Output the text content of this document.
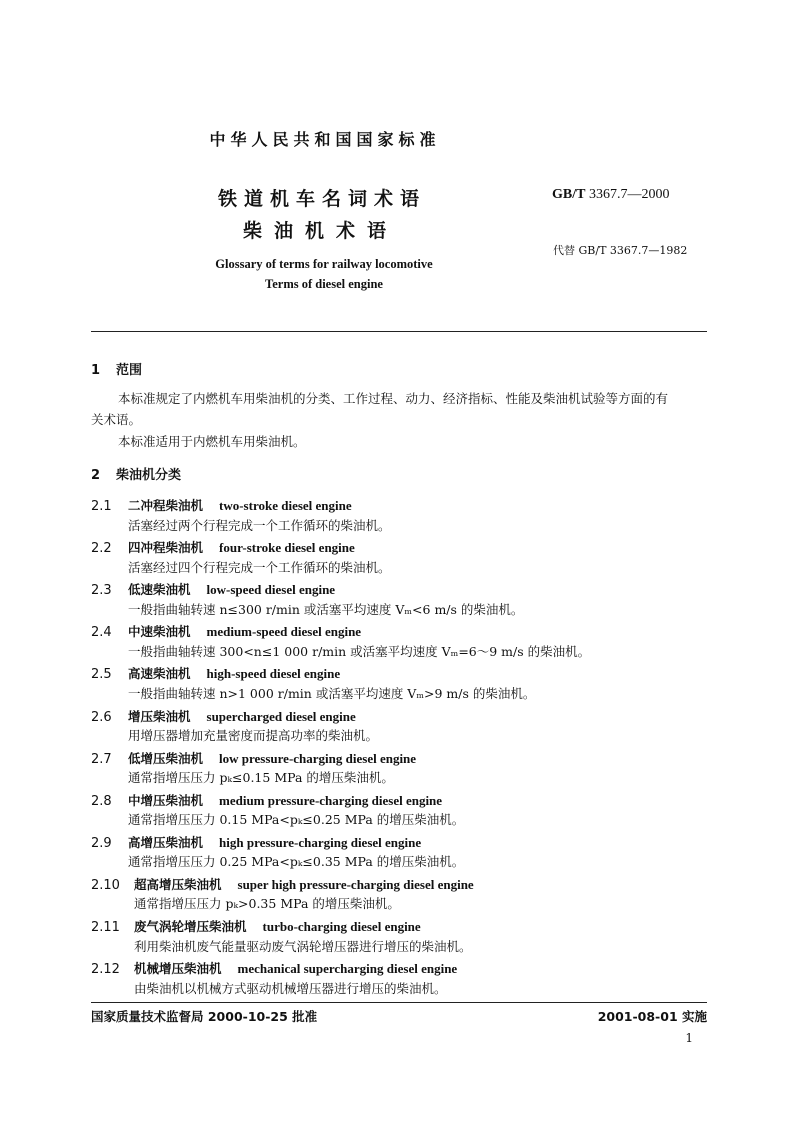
中华人民共和国国家标准
铁道机车名词术语
柴油机术语
GB/T 3367.7—2000
代替 GB/T 3367.7—1982
Glossary of terms for railway locomotive
Terms of diesel engine
1 范围
本标准规定了内燃机车用柴油机的分类、工作过程、动力、经济指标、性能及柴油机试验等方面的有
关术语。
本标准适用于内燃机车用柴油机。
2 柴油机分类
2.1 二冲程柴油机 two-stroke diesel engine
活塞经过两个行程完成一个工作循环的柴油机。
2.2 四冲程柴油机 four-stroke diesel engine
活塞经过四个行程完成一个工作循环的柴油机。
2.3 低速柴油机 low-speed diesel engine
一般指曲轴转速 n≤300 r/min 或活塞平均速度 Vₘ<6 m/s 的柴油机。
2.4 中速柴油机 medium-speed diesel engine
一般指曲轴转速 300<n≤1 000 r/min 或活塞平均速度 Vₘ=6～9 m/s 的柴油机。
2.5 高速柴油机 high-speed diesel engine
一般指曲轴转速 n>1 000 r/min 或活塞平均速度 Vₘ>9 m/s 的柴油机。
2.6 增压柴油机 supercharged diesel engine
用增压器增加充量密度而提高功率的柴油机。
2.7 低增压柴油机 low pressure-charging diesel engine
通常指增压压力 pₖ≤0.15 MPa 的增压柴油机。
2.8 中增压柴油机 medium pressure-charging diesel engine
通常指增压压力 0.15 MPa<pₖ≤0.25 MPa 的增压柴油机。
2.9 高增压柴油机 high pressure-charging diesel engine
通常指增压压力 0.25 MPa<pₖ≤0.35 MPa 的增压柴油机。
2.10 超高增压柴油机 super high pressure-charging diesel engine
通常指增压压力 pₖ>0.35 MPa 的增压柴油机。
2.11 废气涡轮增压柴油机 turbo-charging diesel engine
利用柴油机废气能量驱动废气涡轮增压器进行增压的柴油机。
2.12 机械增压柴油机 mechanical supercharging diesel engine
由柴油机以机械方式驱动机械增压器进行增压的柴油机。
国家质量技术监督局 2000-10-25 批准	2001-08-01 实施
1
